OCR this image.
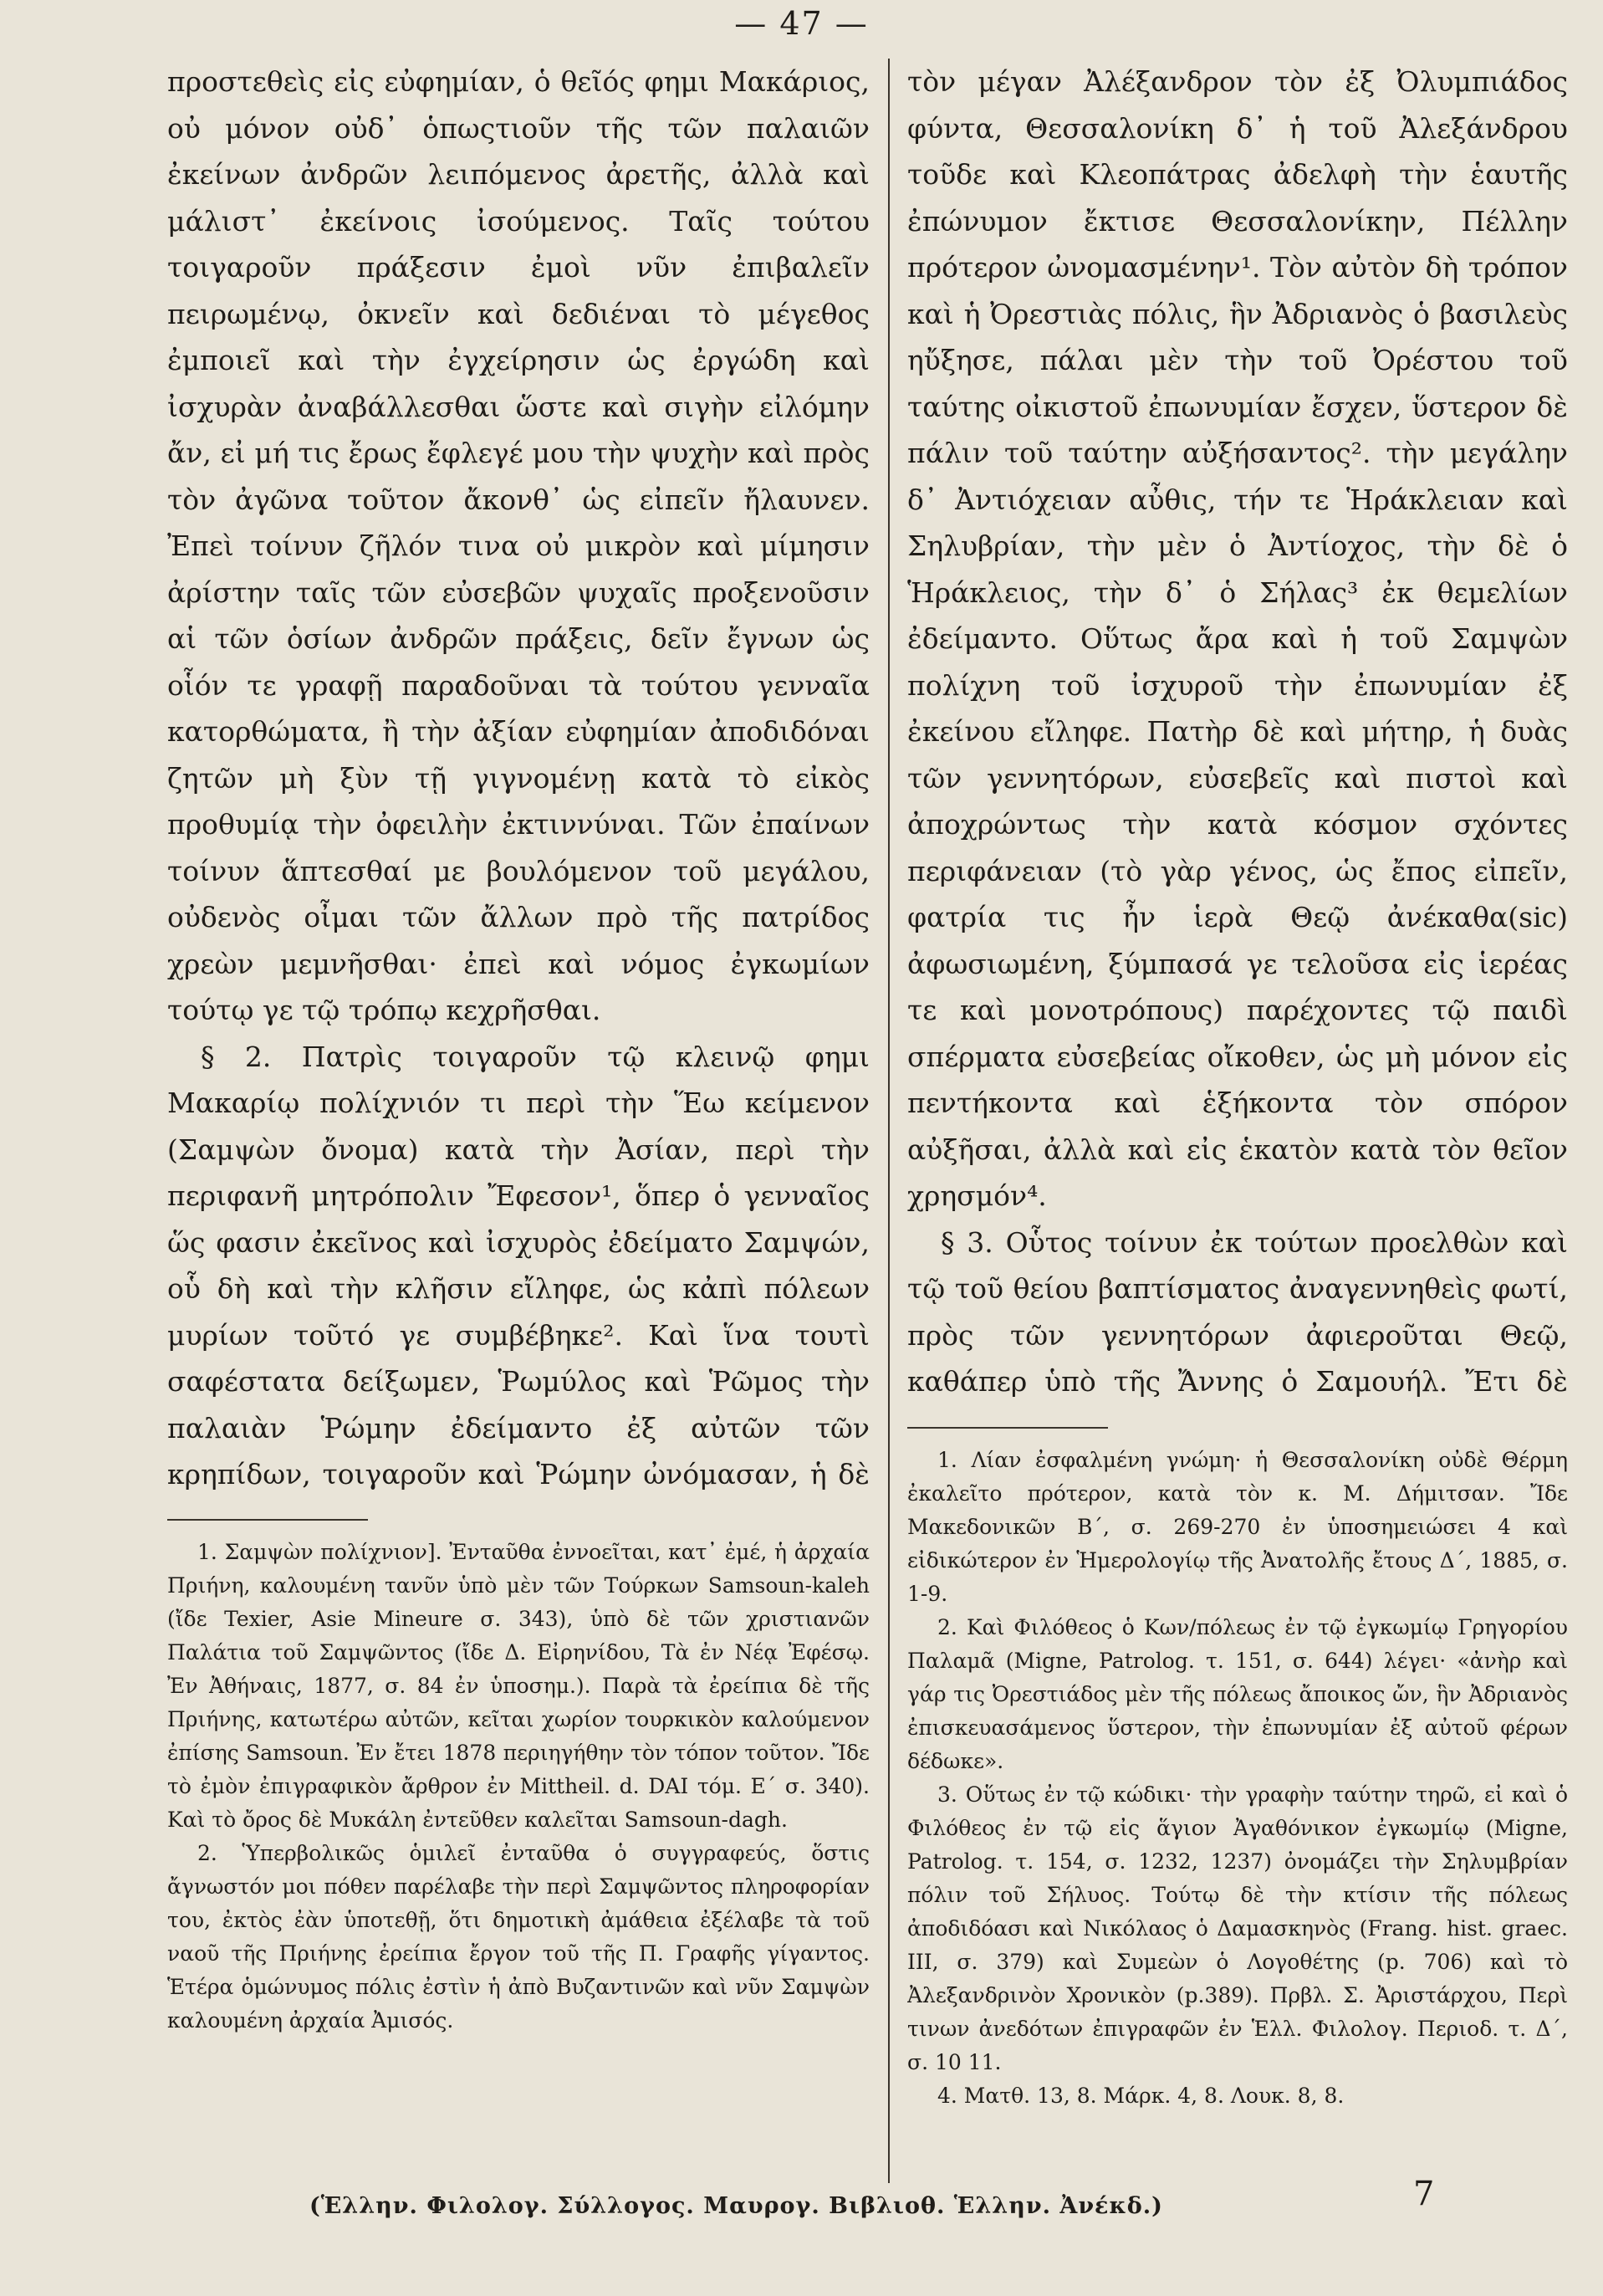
— 47 —

προστεθεὶς εἰς εὐφημίαν, ὁ θεῖός φημι Μακάριος, οὐ μόνον οὐδ᾽ ὁπωςτιοῦν τῆς τῶν παλαιῶν ἐκείνων ἀνδρῶν λειπόμενος ἀρετῆς, ἀλλὰ καὶ μάλιστ᾽ ἐκείνοις ἰσούμενος. Ταῖς τούτου τοιγαροῦν πράξεσιν ἐμοὶ νῦν ἐπιβαλεῖν πειρωμένῳ, ὀκνεῖν καὶ δεδιέναι τὸ μέγεθος ἐμποιεῖ καὶ τὴν ἐγχείρησιν ὡς ἐργώδη καὶ ἰσχυρὰν ἀναβάλλεσθαι ὥστε καὶ σιγὴν εἰλόμην ἄν, εἰ μή τις ἔρως ἔφλεγέ μου τὴν ψυχὴν καὶ πρὸς τὸν ἀγῶνα τοῦτον ἄκονθ᾽ ὡς εἰπεῖν ἤλαυνεν. Ἐπεὶ τοίνυν ζῆλόν τινα οὐ μικρὸν καὶ μίμησιν ἀρίστην ταῖς τῶν εὐσεβῶν ψυχαῖς προξενοῦσιν αἱ τῶν ὁσίων ἀνδρῶν πράξεις, δεῖν ἔγνων ὡς οἷόν τε γραφῇ παραδοῦναι τὰ τούτου γενναῖα κατορθώματα, ἢ τὴν ἀξίαν εὐφημίαν ἀποδιδόναι ζητῶν μὴ ξὺν τῇ γιγνομένῃ κατὰ τὸ εἰκὸς προθυμίᾳ τὴν ὀφειλὴν ἐκτιννύναι. Τῶν ἐπαίνων τοίνυν ἅπτεσθαί με βουλόμενον τοῦ μεγάλου, οὐδενὸς οἶμαι τῶν ἄλλων πρὸ τῆς πατρίδος χρεὼν μεμνῆσθαι· ἐπεὶ καὶ νόμος ἐγκωμίων τούτῳ γε τῷ τρόπῳ κεχρῆσθαι.

§ 2. Πατρὶς τοιγαροῦν τῷ κλεινῷ φημι Μακαρίῳ πολίχνιόν τι περὶ τὴν Ἕω κείμενον (Σαμψὼν ὄνομα) κατὰ τὴν Ἀσίαν, περὶ τὴν περιφανῆ μητρόπολιν Ἔφεσον¹, ὅπερ ὁ γενναῖος ὥς φασιν ἐκεῖνος καὶ ἰσχυρὸς ἐδείματο Σαμψών, οὗ δὴ καὶ τὴν κλῆσιν εἴληφε, ὡς κἀπὶ πόλεων μυρίων τοῦτό γε συμβέβηκε². Καὶ ἵνα τουτὶ σαφέστατα δείξωμεν, Ῥωμύλος καὶ Ῥῶμος τὴν παλαιὰν Ῥώμην ἐδείμαντο ἐξ αὐτῶν τῶν κρηπίδων, τοιγαροῦν καὶ Ῥώμην ὠνόμασαν, ἡ δὲ

1. Σαμψὼν πολίχνιον]. Ἐνταῦθα ἐννοεῖται, κατ᾽ ἐμέ, ἡ ἀρχαία Πριήνη, καλουμένη τανῦν ὑπὸ μὲν τῶν Τούρκων Samsoun-kaleh (ἴδε Texier, Asie Mineure σ. 343), ὑπὸ δὲ τῶν χριστιανῶν Παλάτια τοῦ Σαμψῶντος (ἴδε Δ. Εἰρηνίδου, Τὰ ἐν Νέᾳ Ἐφέσῳ. Ἐν Ἀθήναις, 1877, σ. 84 ἐν ὑποσημ.). Παρὰ τὰ ἐρείπια δὲ τῆς Πριήνης, κατωτέρω αὐτῶν, κεῖται χωρίον τουρκικὸν καλούμενον ἐπίσης Samsoun. Ἐν ἔτει 1878 περιηγήθην τὸν τόπον τοῦτον. Ἴδε τὸ ἐμὸν ἐπιγραφικὸν ἄρθρον ἐν Mittheil. d. DAI τόμ. Ε´ σ. 340). Καὶ τὸ ὄρος δὲ Μυκάλη ἐντεῦθεν καλεῖται Samsoun-dagh.

2. Ὑπερβολικῶς ὁμιλεῖ ἐνταῦθα ὁ συγγραφεύς, ὅστις ἄγνωστόν μοι πόθεν παρέλαβε τὴν περὶ Σαμψῶντος πληροφορίαν του, ἐκτὸς ἐὰν ὑποτεθῇ, ὅτι δημοτικὴ ἀμάθεια ἐξέλαβε τὰ τοῦ ναοῦ τῆς Πριήνης ἐρείπια ἔργον τοῦ τῆς Π. Γραφῆς γίγαντος. Ἑτέρα ὁμώνυμος πόλις ἐστὶν ἡ ἀπὸ Βυζαντινῶν καὶ νῦν Σαμψὼν καλουμένη ἀρχαία Ἀμισός.

τὸν μέγαν Ἀλέξανδρον τὸν ἐξ Ὀλυμπιάδος φύντα, Θεσσαλονίκη δ᾽ ἡ τοῦ Ἀλεξάνδρου τοῦδε καὶ Κλεοπάτρας ἀδελφὴ τὴν ἑαυτῆς ἐπώνυμον ἔκτισε Θεσσαλονίκην, Πέλλην πρότερον ὠνομασμένην¹. Τὸν αὐτὸν δὴ τρόπον καὶ ἡ Ὀρεστιὰς πόλις, ἣν Ἀδριανὸς ὁ βασιλεὺς ηὔξησε, πάλαι μὲν τὴν τοῦ Ὀρέστου τοῦ ταύτης οἰκιστοῦ ἐπωνυμίαν ἔσχεν, ὕστερον δὲ πάλιν τοῦ ταύτην αὐξήσαντος². τὴν μεγάλην δ᾽ Ἀντιόχειαν αὖθις, τήν τε Ἡράκλειαν καὶ Σηλυβρίαν, τὴν μὲν ὁ Ἀντίοχος, τὴν δὲ ὁ Ἡράκλειος, τὴν δ᾽ ὁ Σήλας³ ἐκ θεμελίων ἐδείμαντο. Οὕτως ἄρα καὶ ἡ τοῦ Σαμψὼν πολίχνη τοῦ ἰσχυροῦ τὴν ἐπωνυμίαν ἐξ ἐκείνου εἴληφε. Πατὴρ δὲ καὶ μήτηρ, ἡ δυὰς τῶν γεννητόρων, εὐσεβεῖς καὶ πιστοὶ καὶ ἀποχρώντως τὴν κατὰ κόσμον σχόντες περιφάνειαν (τὸ γὰρ γένος, ὡς ἔπος εἰπεῖν, φατρία τις ἦν ἱερὰ Θεῷ ἀνέκαθα(sic) ἀφωσιωμένη, ξύμπασά γε τελοῦσα εἰς ἱερέας τε καὶ μονοτρόπους) παρέχοντες τῷ παιδὶ σπέρματα εὐσεβείας οἴκοθεν, ὡς μὴ μόνον εἰς πεντήκοντα καὶ ἑξήκοντα τὸν σπόρον αὐξῆσαι, ἀλλὰ καὶ εἰς ἑκατὸν κατὰ τὸν θεῖον χρησμόν⁴.

§ 3. Οὗτος τοίνυν ἐκ τούτων προελθὼν καὶ τῷ τοῦ θείου βαπτίσματος ἀναγεννηθεὶς φωτί, πρὸς τῶν γεννητόρων ἀφιεροῦται Θεῷ, καθάπερ ὑπὸ τῆς Ἄννης ὁ Σαμουήλ. Ἔτι δὲ

1. Λίαν ἐσφαλμένη γνώμη· ἡ Θεσσαλονίκη οὐδὲ Θέρμη ἐκαλεῖτο πρότερον, κατὰ τὸν κ. Μ. Δήμιτσαν. Ἴδε Μακεδονικῶν Β´, σ. 269-270 ἐν ὑποσημειώσει 4 καὶ εἰδικώτερον ἐν Ἡμερολογίῳ τῆς Ἀνατολῆς ἔτους Δ´, 1885, σ. 1-9.

2. Καὶ Φιλόθεος ὁ Κων/πόλεως ἐν τῷ ἐγκωμίῳ Γρηγορίου Παλαμᾶ (Migne, Patrolog. τ. 151, σ. 644) λέγει· «ἀνὴρ καὶ γάρ τις Ὀρεστιάδος μὲν τῆς πόλεως ἄποικος ὤν, ἣν Ἀδριανὸς ἐπισκευασάμενος ὕστερον, τὴν ἐπωνυμίαν ἐξ αὐτοῦ φέρων δέδωκε».

3. Οὕτως ἐν τῷ κώδικι· τὴν γραφὴν ταύτην τηρῶ, εἰ καὶ ὁ Φιλόθεος ἐν τῷ εἰς ἅγιον Ἀγαθόνικον ἐγκωμίῳ (Migne, Patrolog. τ. 154, σ. 1232, 1237) ὀνομάζει τὴν Σηλυμβρίαν πόλιν τοῦ Σήλυος. Τούτῳ δὲ τὴν κτίσιν τῆς πόλεως ἀποδιδόασι καὶ Νικόλαος ὁ Δαμασκηνὸς (Frang. hist. graec. III, σ. 379) καὶ Συμεὼν ὁ Λογοθέτης (p. 706) καὶ τὸ Ἀλεξανδρινὸν Χρονικὸν (p.389). Πρβλ. Σ. Ἀριστάρχου, Περὶ τινων ἀνεδότων ἐπιγραφῶν ἐν Ἑλλ. Φιλολογ. Περιοδ. τ. Δ´, σ. 10 11.

4. Ματθ. 13, 8. Μάρκ. 4, 8. Λουκ. 8, 8.

(Ἑλλην. Φιλολογ. Σύλλογος. Μαυρογ. Βιβλιοθ. Ἑλλην. Ἀνέκδ.)	7
